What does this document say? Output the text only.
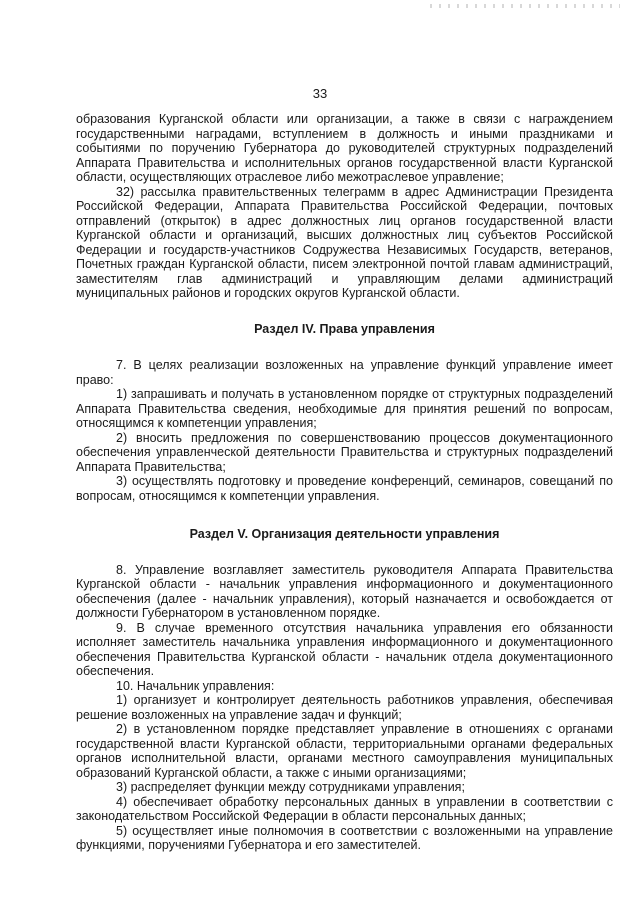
33

образования Курганской области или организации, а также в связи с награждением государственными наградами, вступлением в должность и иными праздниками и событиями по поручению Губернатора до руководителей структурных подразделений Аппарата Правительства и исполнительных органов государственной власти Курганской области, осуществляющих отраслевое либо межотраслевое управление;

32) рассылка правительственных телеграмм в адрес Администрации Президента Российской Федерации, Аппарата Правительства Российской Федерации, почтовых отправлений (открыток) в адрес должностных лиц органов государственной власти Курганской области и организаций, высших должностных лиц субъектов Российской Федерации и государств-участников Содружества Независимых Государств, ветеранов, Почетных граждан Курганской области, писем электронной почтой главам администраций, заместителям глав администраций и управляющим делами администраций муниципальных районов и городских округов Курганской области.

Раздел IV. Права управления

7. В целях реализации возложенных на управление функций управление имеет право:

1) запрашивать и получать в установленном порядке от структурных подразделений Аппарата Правительства сведения, необходимые для принятия решений по вопросам, относящимся к компетенции управления;

2) вносить предложения по совершенствованию процессов документационного обеспечения управленческой деятельности Правительства и структурных подразделений Аппарата Правительства;

3) осуществлять подготовку и проведение конференций, семинаров, совещаний по вопросам, относящимся к компетенции управления.

Раздел V. Организация деятельности управления

8. Управление возглавляет заместитель руководителя Аппарата Правительства Курганской области - начальник управления информационного и документационного обеспечения (далее - начальник управления), который назначается и освобождается от должности Губернатором в установленном порядке.

9. В случае временного отсутствия начальника управления его обязанности исполняет заместитель начальника управления информационного и документационного обеспечения Правительства Курганской области - начальник отдела документационного обеспечения.

10. Начальник управления:

1) организует и контролирует деятельность работников управления, обеспечивая решение возложенных на управление задач и функций;

2) в установленном порядке представляет управление в отношениях с органами государственной власти Курганской области, территориальными органами федеральных органов исполнительной власти, органами местного самоуправления муниципальных образований Курганской области, а также с иными организациями;

3) распределяет функции между сотрудниками управления;

4) обеспечивает обработку персональных данных в управлении в соответствии с законодательством Российской Федерации в области персональных данных;

5) осуществляет иные полномочия в соответствии с возложенными на управление функциями, поручениями Губернатора и его заместителей.
